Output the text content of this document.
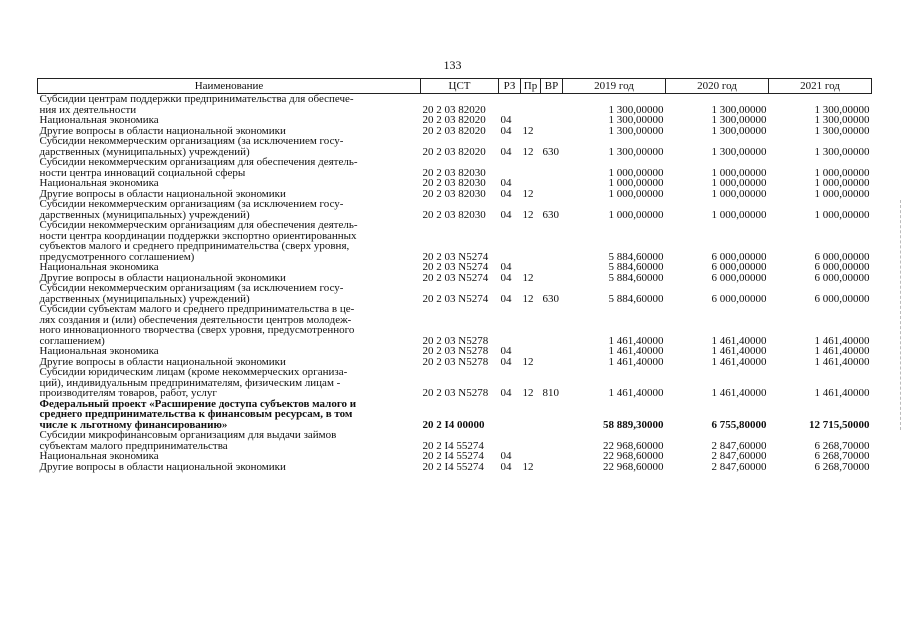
133
Наименование	ЦСТ	РЗ	Пр	ВР	2019 год	2020 год	2021 год
Субсидии центрам поддержки предпринимательства для обеспече-
ния их деятельности	20 2 03 82020				1 300,00000	1 300,00000	1 300,00000
Национальная экономика	20 2 03 82020	04			1 300,00000	1 300,00000	1 300,00000
Другие вопросы в области национальной экономики	20 2 03 82020	04	12		1 300,00000	1 300,00000	1 300,00000
Субсидии некоммерческим организациям (за исключением госу-
дарственных (муниципальных) учреждений)	20 2 03 82020	04	12	630	1 300,00000	1 300,00000	1 300,00000
Субсидии некоммерческим организациям для обеспечения деятель-
ности центра инноваций социальной сферы	20 2 03 82030				1 000,00000	1 000,00000	1 000,00000
Национальная экономика	20 2 03 82030	04			1 000,00000	1 000,00000	1 000,00000
Другие вопросы в области национальной экономики	20 2 03 82030	04	12		1 000,00000	1 000,00000	1 000,00000
Субсидии некоммерческим организациям (за исключением госу-
дарственных (муниципальных) учреждений)	20 2 03 82030	04	12	630	1 000,00000	1 000,00000	1 000,00000
Субсидии некоммерческим организациям для обеспечения деятель-
ности центра координации поддержки экспортно ориентированных
субъектов малого и среднего предпринимательства (сверх уровня,
предусмотренного соглашением)	20 2 03 N5274				5 884,60000	6 000,00000	6 000,00000
Национальная экономика	20 2 03 N5274	04			5 884,60000	6 000,00000	6 000,00000
Другие вопросы в области национальной экономики	20 2 03 N5274	04	12		5 884,60000	6 000,00000	6 000,00000
Субсидии некоммерческим организациям (за исключением госу-
дарственных (муниципальных) учреждений)	20 2 03 N5274	04	12	630	5 884,60000	6 000,00000	6 000,00000
Субсидии субъектам малого и среднего предпринимательства в це-
лях создания и (или) обеспечения деятельности центров молодеж-
ного инновационного творчества (сверх уровня, предусмотренного
соглашением)	20 2 03 N5278				1 461,40000	1 461,40000	1 461,40000
Национальная экономика	20 2 03 N5278	04			1 461,40000	1 461,40000	1 461,40000
Другие вопросы в области национальной экономики	20 2 03 N5278	04	12		1 461,40000	1 461,40000	1 461,40000
Субсидии юридическим лицам (кроме некоммерческих организа-
ций), индивидуальным предпринимателям, физическим лицам -
производителям товаров, работ, услуг	20 2 03 N5278	04	12	810	1 461,40000	1 461,40000	1 461,40000
Федеральный проект «Расширение доступа субъектов малого и
среднего предпринимательства к финансовым ресурсам, в том
числе к льготному финансированию»	20 2 I4 00000				58 889,30000	6 755,80000	12 715,50000
Субсидии микрофинансовым организациям для выдачи займов
субъектам малого предпринимательства	20 2 I4 55274				22 968,60000	2 847,60000	6 268,70000
Национальная экономика	20 2 I4 55274	04			22 968,60000	2 847,60000	6 268,70000
Другие вопросы в области национальной экономики	20 2 I4 55274	04	12		22 968,60000	2 847,60000	6 268,70000
